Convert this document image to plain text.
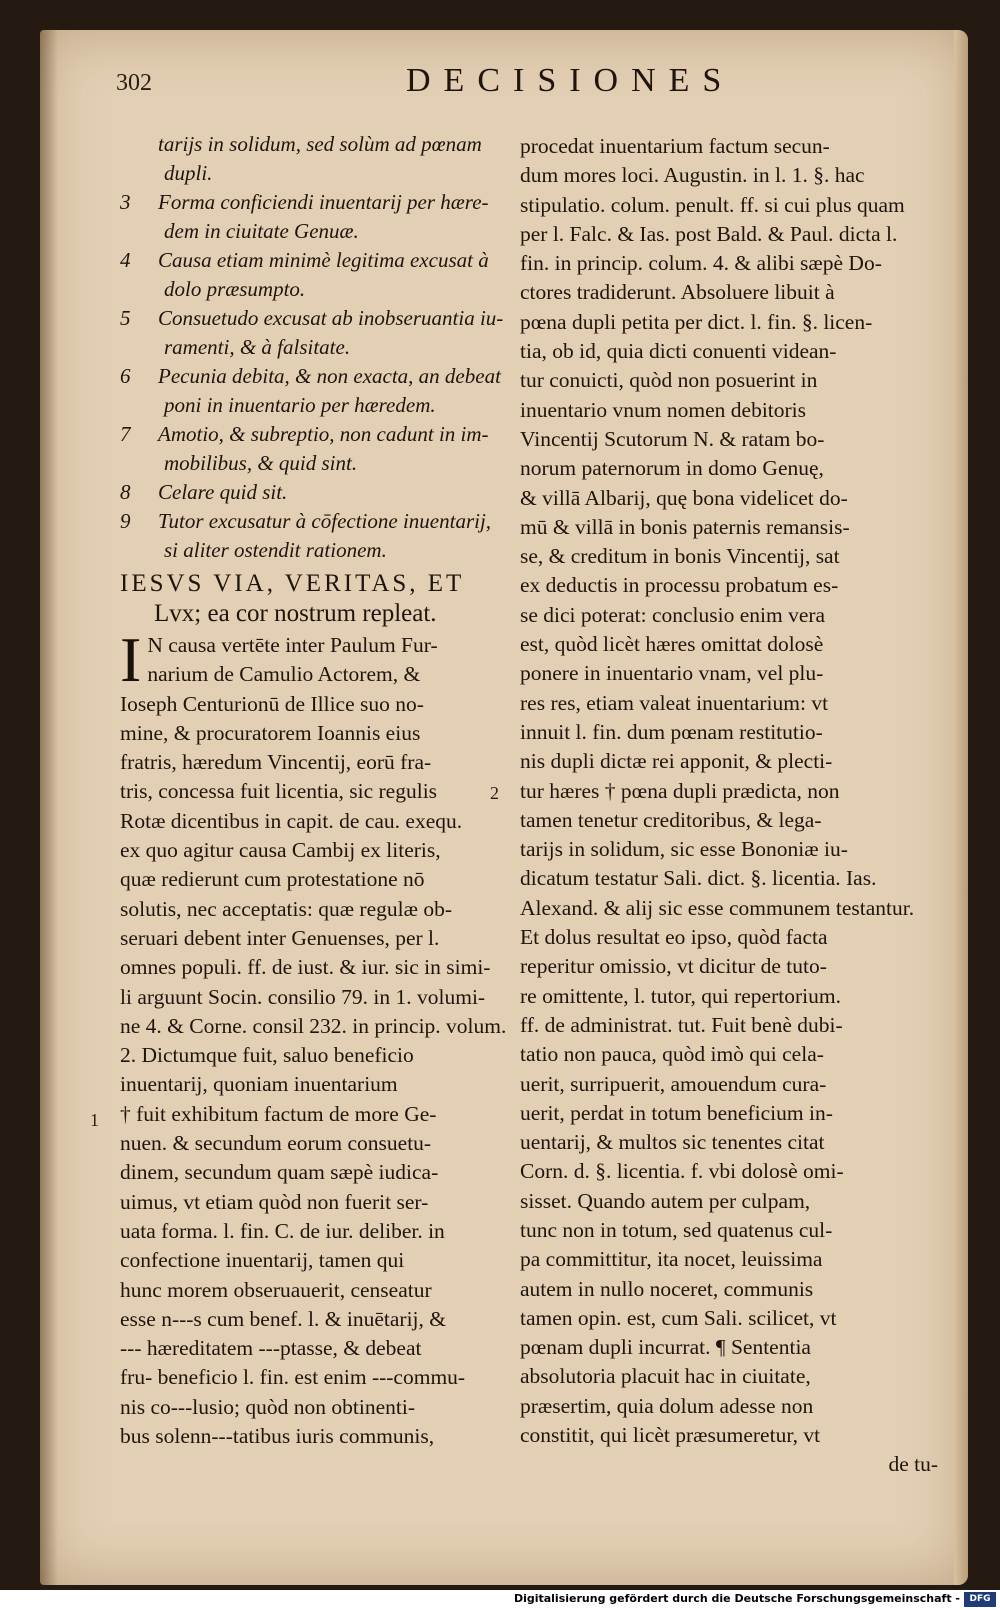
302	DECISIONES
tarijs in solidum, sed solùm ad pœnam
dupli.
3 Forma conficiendi inuentarij per hære-
dem in ciuitate Genuæ.
4 Causa etiam minimè legitima excusat à
dolo præsumpto.
5 Consuetudo excusat ab inobseruantia iu-
ramenti, & à falsitate.
6 Pecunia debita, & non exacta, an debeat
poni in inuentario per hæredem.
7 Amotio, & subreptio, non cadunt in im-
mobilibus, & quid sint.
8 Celare quid sit.
9 Tutor excusatur à cōfectione inuentarij,
si aliter ostendit rationem.
IESVS VIA, VERITAS, ET
Lvx; ea cor nostrum repleat.
I N causa vertēte inter Paulum Fur-
narium de Camulio Actorem, &
Ioseph Centurionū de Illice suo no-
mine, & procuratorem Ioannis eius
fratris, hæredum Vincentij, eorū fra-
tris, concessa fuit licentia, sic regulis
Rotæ dicentibus in capit. de cau. exequ.
ex quo agitur causa Cambij ex literis,
quæ redierunt cum protestatione nō
solutis, nec acceptatis: quæ regulæ ob-
seruari debent inter Genuenses, per l.
omnes populi. ff. de iust. & iur. sic in simi-
li arguunt Socin. consilio 79. in 1. volumi-
ne 4. & Corne. consil 232. in princip. volum.
2. Dictumque fuit, saluo beneficio
inuentarij, quoniam inuentarium
† fuit exhibitum factum de more Ge-
1
nuen. & secundum eorum consuetu-
dinem, secundum quam sæpè iudica-
uimus, vt etiam quòd non fuerit ser-
uata forma. l. fin. C. de iur. deliber. in
confectione inuentarij, tamen qui
hunc morem obseruauerit, censeatur
esse n---s cum benef. l. & inuētarij, &
--- hæreditatem ---ptasse, & debeat
fru- beneficio l. fin. est enim ---commu-
nis co---lusio; quòd non obtinenti-
bus solenn---tatibus iuris communis,
procedat inuentarium factum secun-
dum mores loci. Augustin. in l. 1. §. hac
stipulatio. colum. penult. ff. si cui plus quam
per l. Falc. & Ias. post Bald. & Paul. dicta l.
fin. in princip. colum. 4. & alibi sæpè Do-
ctores tradiderunt. Absoluere libuit à
pœna dupli petita per dict. l. fin. §. licen-
tia, ob id, quia dicti conuenti videan-
tur conuicti, quòd non posuerint in
inuentario vnum nomen debitoris
Vincentij Scutorum N. & ratam bo-
norum paternorum in domo Genuę,
& villā Albarij, quę bona videlicet do-
mū & villā in bonis paternis remansis-
se, & creditum in bonis Vincentij, sat
ex deductis in processu probatum es-
se dici poterat: conclusio enim vera
est, quòd licèt hæres omittat dolosè
ponere in inuentario vnam, vel plu-
res res, etiam valeat inuentarium: vt
innuit l. fin. dum pœnam restitutio-
nis dupli dictæ rei apponit, & plecti-
tur hæres † pœna dupli prædicta, non
2
tamen tenetur creditoribus, & lega-
tarijs in solidum, sic esse Bononiæ iu-
dicatum testatur Sali. dict. §. licentia. Ias.
Alexand. & alij sic esse communem testantur.
Et dolus resultat eo ipso, quòd facta
reperitur omissio, vt dicitur de tuto-
re omittente, l. tutor, qui repertorium.
ff. de administrat. tut. Fuit benè dubi-
tatio non pauca, quòd imò qui cela-
uerit, surripuerit, amouendum cura-
uerit, perdat in totum beneficium in-
uentarij, & multos sic tenentes citat
Corn. d. §. licentia. f. vbi dolosè omi-
sisset. Quando autem per culpam,
tunc non in totum, sed quatenus cul-
pa committitur, ita nocet, leuissima
autem in nullo noceret, communis
tamen opin. est, cum Sali. scilicet, vt
pœnam dupli incurrat. ¶ Sententia
absolutoria placuit hac in ciuitate,
præsertim, quia dolum adesse non
constitit, qui licèt præsumeretur, vt
de tu-
Digitalisierung gefördert durch die Deutsche Forschungsgemeinschaft -	DFG
